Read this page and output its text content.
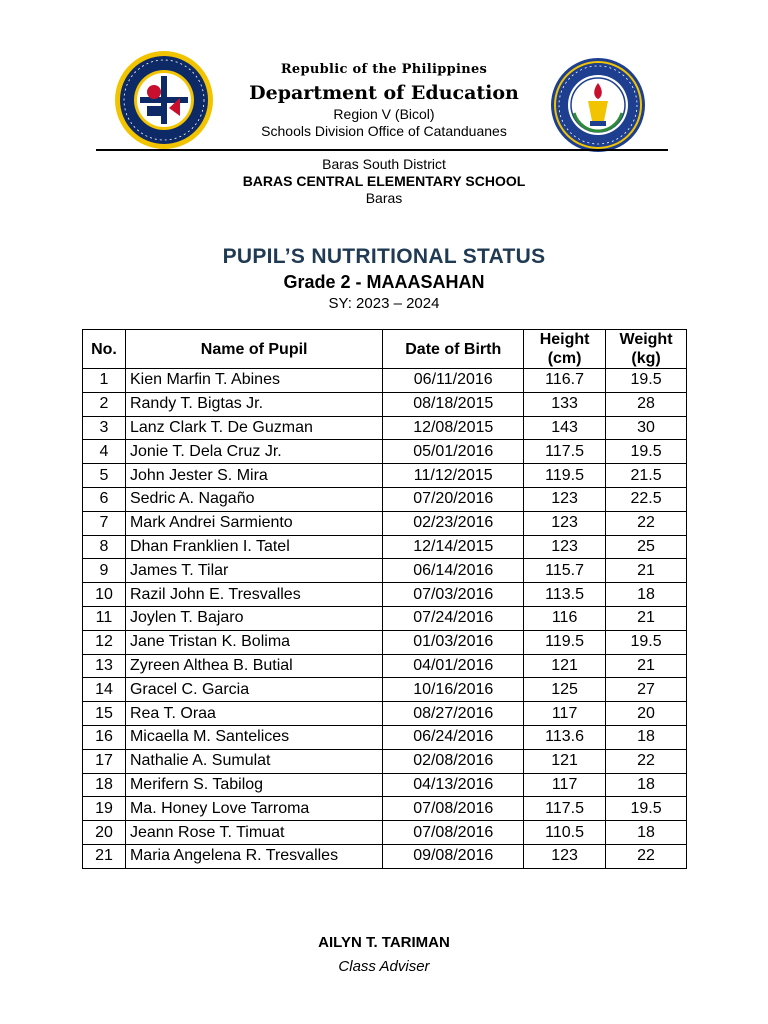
Republic of the Philippines
Department of Education
Region V (Bicol)
Schools Division Office of Catanduanes
Baras South District
BARAS CENTRAL ELEMENTARY SCHOOL
Baras
PUPIL’S NUTRITIONAL STATUS
Grade 2 - MAAASAHAN
SY: 2023 – 2024
No.	Name of Pupil	Date of Birth	Height (cm)	Weight (kg)
1	Kien Marfin T. Abines	06/11/2016	116.7	19.5
2	Randy T. Bigtas Jr.	08/18/2015	133	28
3	Lanz Clark T. De Guzman	12/08/2015	143	30
4	Jonie T. Dela Cruz Jr.	05/01/2016	117.5	19.5
5	John Jester S. Mira	11/12/2015	119.5	21.5
6	Sedric A. Nagaño	07/20/2016	123	22.5
7	Mark Andrei Sarmiento	02/23/2016	123	22
8	Dhan Franklien I. Tatel	12/14/2015	123	25
9	James T. Tilar	06/14/2016	115.7	21
10	Razil John E. Tresvalles	07/03/2016	113.5	18
11	Joylen T. Bajaro	07/24/2016	116	21
12	Jane Tristan K. Bolima	01/03/2016	119.5	19.5
13	Zyreen Althea B. Butial	04/01/2016	121	21
14	Gracel C. Garcia	10/16/2016	125	27
15	Rea T. Oraa	08/27/2016	117	20
16	Micaella M. Santelices	06/24/2016	113.6	18
17	Nathalie A. Sumulat	02/08/2016	121	22
18	Merifern S. Tabilog	04/13/2016	117	18
19	Ma. Honey Love Tarroma	07/08/2016	117.5	19.5
20	Jeann Rose T. Timuat	07/08/2016	110.5	18
21	Maria Angelena R. Tresvalles	09/08/2016	123	22
AILYN T. TARIMAN
Class Adviser
